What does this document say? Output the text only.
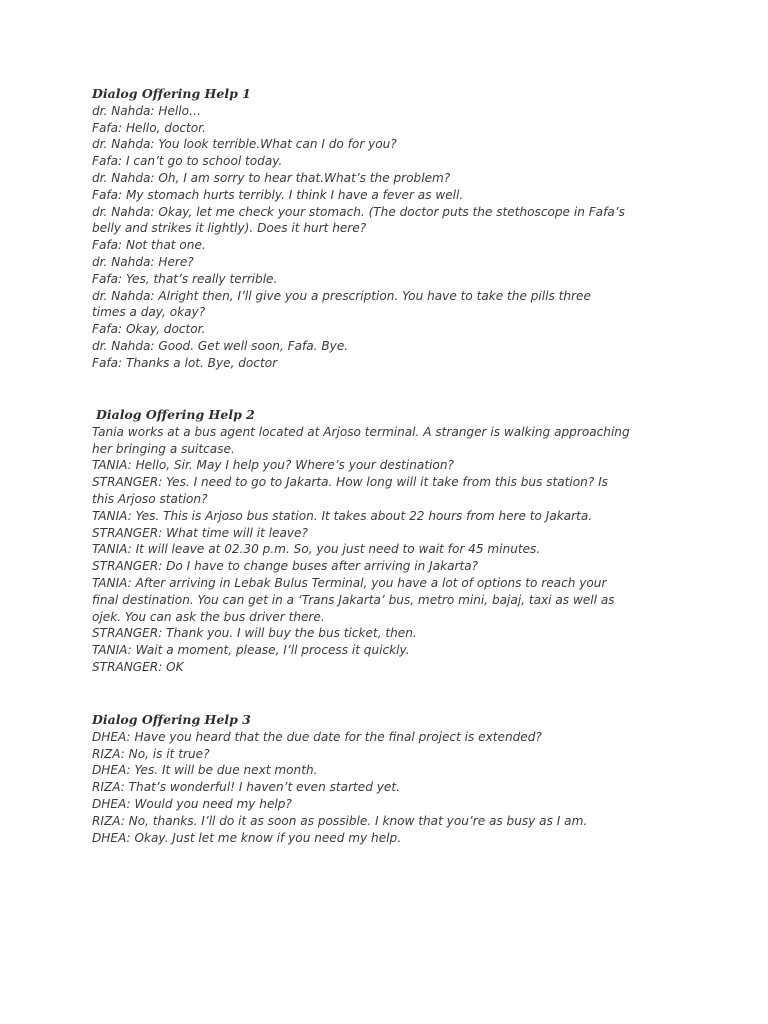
Dialog Offering Help 1

dr. Nahda: Hello…

Fafa: Hello, doctor.

dr. Nahda: You look terrible.What can I do for you?

Fafa: I can’t go to school today.

dr. Nahda: Oh, I am sorry to hear that.What’s the problem?

Fafa: My stomach hurts terribly. I think I have a fever as well.

dr. Nahda: Okay, let me check your stomach. (The doctor puts the stethoscope in Fafa’s

belly and strikes it lightly). Does it hurt here?

Fafa: Not that one.

dr. Nahda: Here?

Fafa: Yes, that’s really terrible.

dr. Nahda: Alright then, I’ll give you a prescription. You have to take the pills three

times a day, okay?

Fafa: Okay, doctor.

dr. Nahda: Good. Get well soon, Fafa. Bye.

Fafa: Thanks a lot. Bye, doctor

Dialog Offering Help 2

Tania works at a bus agent located at Arjoso terminal. A stranger is walking approaching

her bringing a suitcase.

TANIA: Hello, Sir. May I help you? Where’s your destination?

STRANGER: Yes. I need to go to Jakarta. How long will it take from this bus station? Is

this Arjoso station?

TANIA: Yes. This is Arjoso bus station. It takes about 22 hours from here to Jakarta.

STRANGER: What time will it leave?

TANIA: It will leave at 02.30 p.m. So, you just need to wait for 45 minutes.

STRANGER: Do I have to change buses after arriving in Jakarta?

TANIA: After arriving in Lebak Bulus Terminal, you have a lot of options to reach your

final destination. You can get in a ‘Trans Jakarta’ bus, metro mini, bajaj, taxi as well as

ojek. You can ask the bus driver there.

STRANGER: Thank you. I will buy the bus ticket, then.

TANIA: Wait a moment, please, I’ll process it quickly.

STRANGER: OK

Dialog Offering Help 3

DHEA: Have you heard that the due date for the final project is extended?

RIZA: No, is it true?

DHEA: Yes. It will be due next month.

RIZA: That’s wonderful! I haven’t even started yet.

DHEA: Would you need my help?

RIZA: No, thanks. I’ll do it as soon as possible. I know that you’re as busy as I am.

DHEA: Okay. Just let me know if you need my help.
